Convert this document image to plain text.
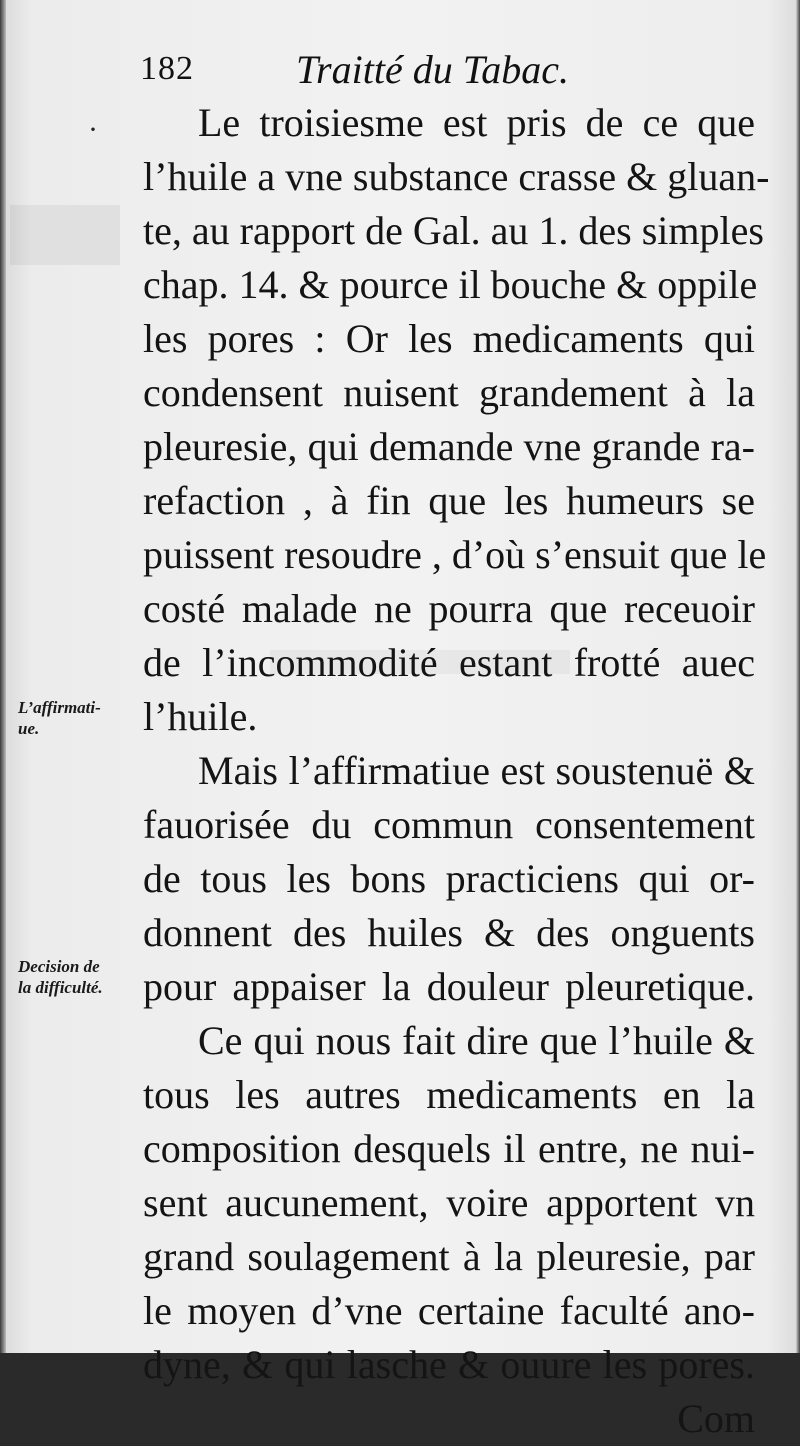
182	Traitté du Tabac.
·	Le troisiesme est pris de ce que
l’huile a vne substance crasse & gluan-
te, au rapport de Gal. au 1. des simples
chap. 14. & pource il bouche & oppile
les pores : Or les medicaments qui
condensent nuisent grandement à la
pleuresie, qui demande vne grande ra-
refaction , à fin que les humeurs se
puissent resoudre , d’où s’ensuit que le
costé malade ne pourra que receuoir
de l’incommodité estant frotté auec
l’huile.
Mais l’affirmatiue est soustenuë &
fauorisée du commun consentement
de tous les bons practiciens qui or-
donnent des huiles & des onguents
pour appaiser la douleur pleuretique.
Ce qui nous fait dire que l’huile &
tous les autres medicaments en la
composition desquels il entre, ne nui-
sent aucunement, voire apportent vn
grand soulagement à la pleuresie, par
le moyen d’vne certaine faculté ano-
dyne, & qui lasche & ouure les pores.
Com
L’affirmati-
ue.
Decision de
la difficulté.
